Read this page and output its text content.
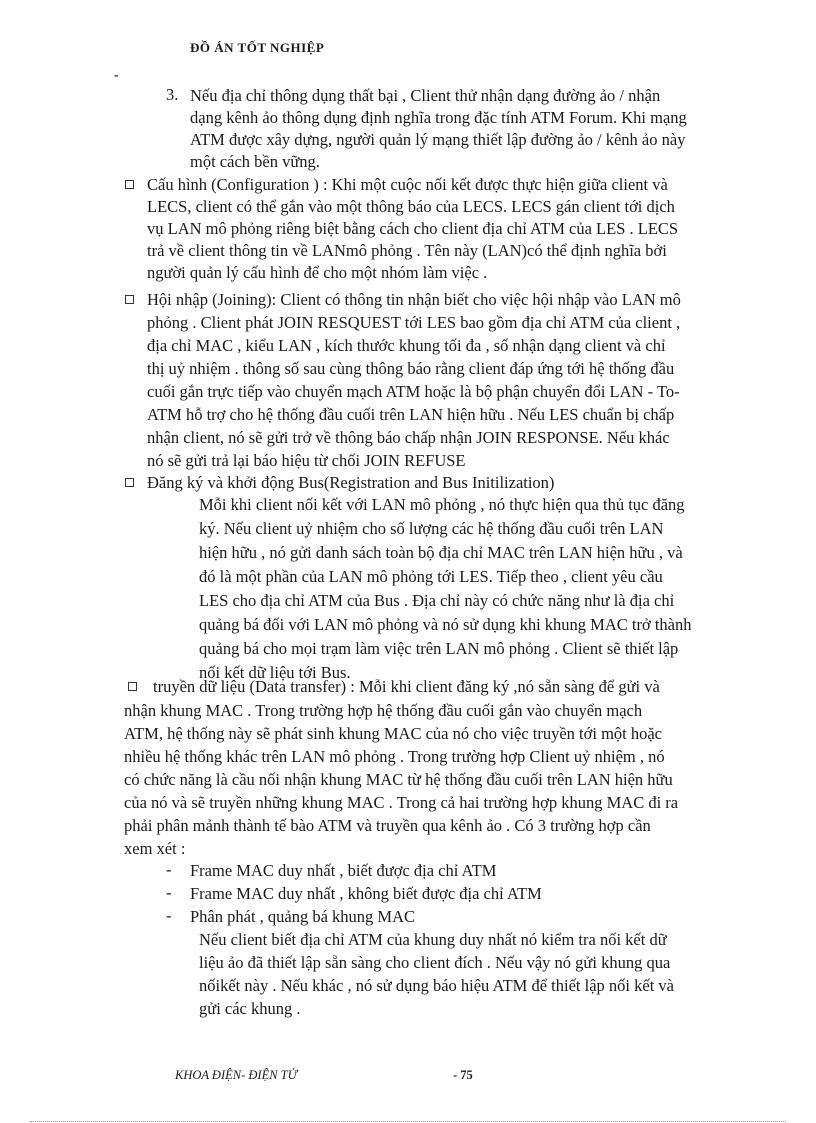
ĐỒ ÁN TỐT NGHIỆP
-
3. Nếu địa chỉ thông dụng thất bại , Client thử nhận dạng đường ảo / nhận
dạng kênh ảo thông dụng định nghĩa trong đặc tính ATM Forum. Khi mạng
ATM được xây dựng, người quản lý mạng thiết lập đường ảo / kênh ảo này
một cách bền vững.
Cấu hình (Configuration ) : Khi một cuộc nối kết được thực hiện giữa client và
LECS, client có thể gắn vào một thông báo của LECS. LECS gán client tới dịch
vụ LAN mô phỏng riêng biệt bằng cách cho client địa chỉ ATM của LES . LECS
trả về client thông tin về LANmô phỏng . Tên này (LAN)có thể định nghĩa bởi
người quản lý cấu hình để cho một nhóm làm việc .
Hội nhập (Joining): Client có thông tin nhận biết cho việc hội nhập vào LAN mô
phỏng . Client phát JOIN RESQUEST tới LES bao gồm địa chỉ ATM của client ,
địa chỉ MAC , kiểu LAN , kích thước khung tối đa , số nhận dạng client và chỉ
thị uỷ nhiệm . thông số sau cùng thông báo rằng client đáp ứng tới hệ thống đầu
cuối gắn trực tiếp vào chuyển mạch ATM hoặc là bộ phận chuyển đổi LAN - To-
ATM hỗ trợ cho hệ thống đầu cuối trên LAN hiện hữu . Nếu LES chuẩn bị chấp
nhận client, nó sẽ gửi trở về thông báo chấp nhận JOIN RESPONSE. Nếu khác
nó sẽ gửi trả lại báo hiệu từ chối JOIN REFUSE
Đăng ký và khởi động Bus(Registration and Bus Initilization)
Mỗi khi client nối kết với LAN mô phỏng , nó thực hiện qua thủ tục đăng
ký. Nếu client uỷ nhiệm cho số lượng các hệ thống đầu cuối trên LAN
hiện hữu , nó gửi danh sách toàn bộ địa chỉ MAC trên LAN hiện hữu , và
đó là một phần của LAN mô phỏng tới LES. Tiếp theo , client yêu cầu
LES cho địa chỉ ATM của Bus . Địa chỉ này có chức năng như là địa chỉ
quảng bá đối với LAN mô phỏng và nó sử dụng khi khung MAC trở thành
quảng bá cho mọi trạm làm việc trên LAN mô phỏng . Client sẽ thiết lập
nối kết dữ liệu tới Bus.
truyền dữ liệu (Data transfer) : Mỗi khi client đăng ký ,nó sẵn sàng để gửi và
nhận khung MAC . Trong trường hợp hệ thống đầu cuối gắn vào chuyển mạch
ATM, hệ thống này sẽ phát sinh khung MAC của nó cho việc truyền tới một hoặc
nhiều hệ thống khác trên LAN mô phỏng . Trong trường hợp Client uỷ nhiệm , nó
có chức năng là cầu nối nhận khung MAC từ hệ thống đầu cuối trên LAN hiện hữu
của nó và sẽ truyền những khung MAC . Trong cả hai trường hợp khung MAC đi ra
phải phân mảnh thành tế bào ATM và truyền qua kênh ảo . Có 3 trường hợp cần
xem xét :
- Frame MAC duy nhất , biết được địa chỉ ATM
- Frame MAC duy nhất , không biết được địa chỉ ATM
- Phân phát , quảng bá khung MAC
Nếu client biết địa chỉ ATM của khung duy nhất nó kiểm tra nối kết dữ
liệu ảo đã thiết lập sẵn sàng cho client đích . Nếu vậy nó gửi khung qua
nốikết này . Nếu khác , nó sử dụng báo hiệu ATM để thiết lập nối kết và
gửi các khung .
KHOA ĐIỆN- ĐIỆN TỬ	- 75
